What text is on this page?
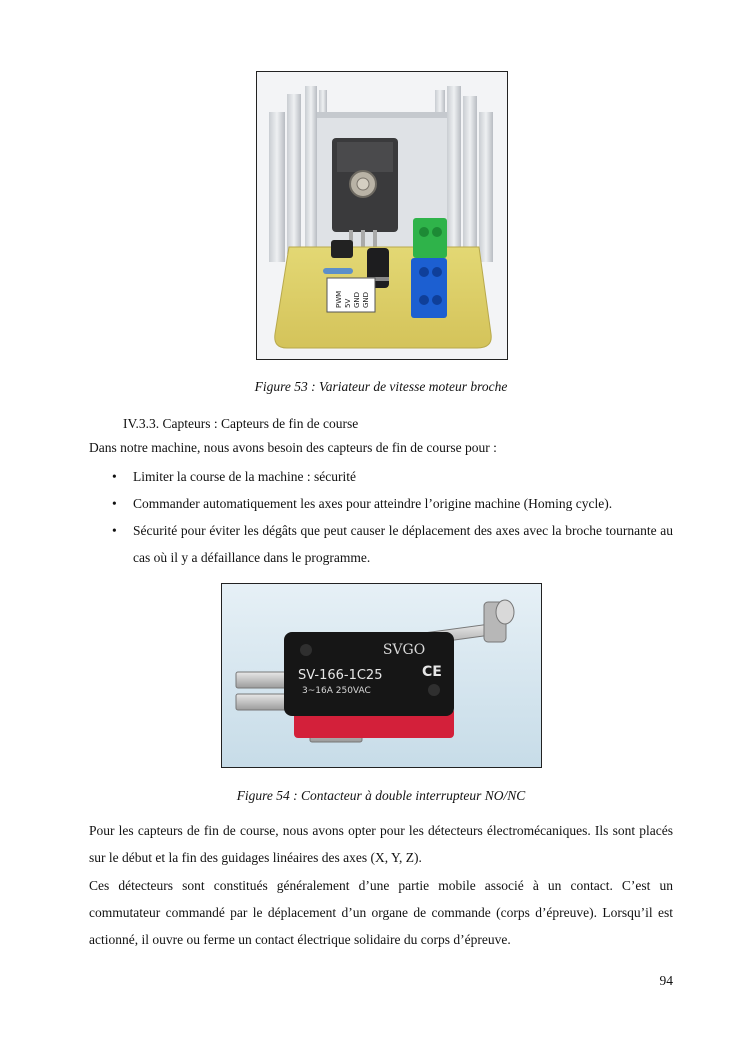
PWM 5V GND GND
Figure 53 : Variateur de vitesse moteur broche
IV.3.3. Capteurs : Capteurs de fin de course
Dans notre machine, nous avons besoin des capteurs de fin de course pour :
• Limiter la course de la machine : sécurité
• Commander automatiquement les axes pour atteindre l’origine machine (Homing cycle).
• Sécurité pour éviter les dégâts que peut causer le déplacement des axes avec la broche tournante au cas où il y a défaillance dans le programme.
SVGO
SV-166-1C25	CE
3~16A 250VAC
Figure 54 : Contacteur à double interrupteur NO/NC
Pour les capteurs de fin de course, nous avons opter pour les détecteurs électromécaniques. Ils sont placés sur le début et la fin des guidages linéaires des axes (X, Y, Z).
Ces détecteurs sont constitués généralement d’une partie mobile associé à un contact. C’est un commutateur commandé par le déplacement d’un organe de commande (corps d’épreuve). Lorsqu’il est actionné, il ouvre ou ferme un contact électrique solidaire du corps d’épreuve.
94
